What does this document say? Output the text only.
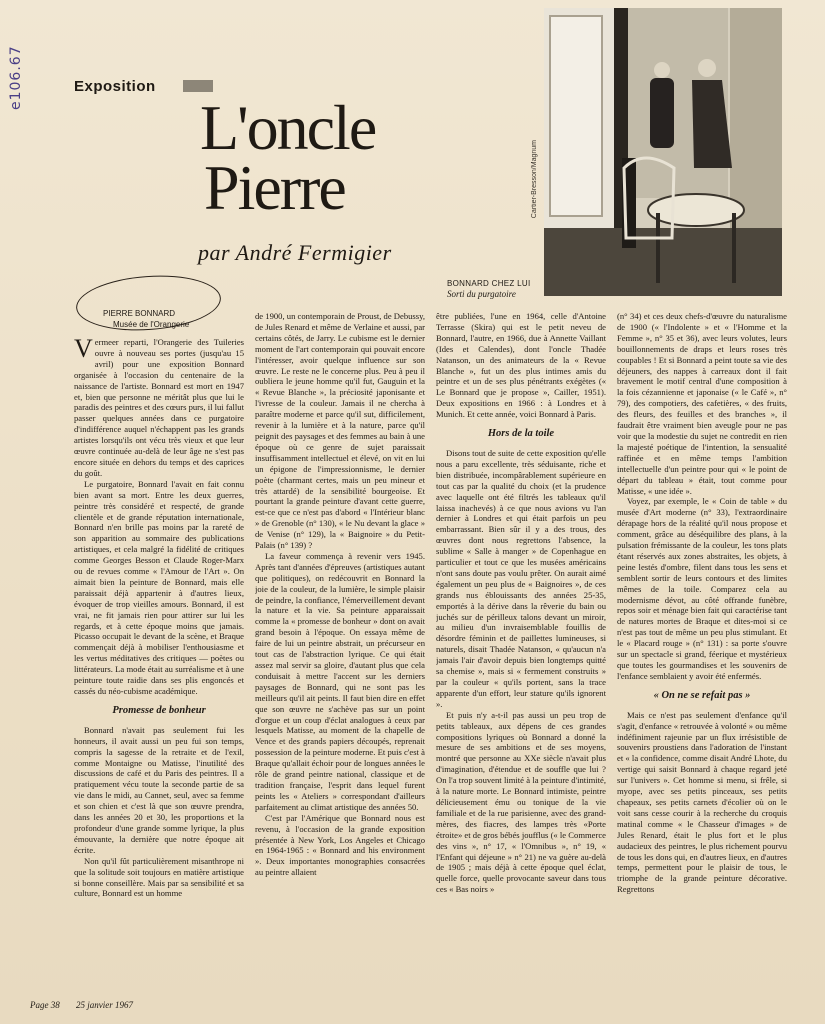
e106.67	Exposition
L'oncle
Pierre
par André Fermigier
Cartier-Bresson/Magnum
BONNARD CHEZ LUI
Sorti du purgatoire
PIERRE BONNARD
Musée de l'Orangerie

Vermeer reparti, l'Orangerie des Tuileries ouvre à nouveau ses portes (jusqu'au 15 avril) pour une exposition Bonnard organisée à l'occasion du centenaire de la naissance de l'artiste. Bonnard est mort en 1947 et, bien que personne ne méritât plus que lui le paradis des peintres et des cœurs purs, il lui fallut passer quelques années dans ce purgatoire d'indifférence auquel n'échappent pas les grands artistes lorsqu'ils ont vécu très vieux et que leur œuvre continuée au-delà de leur âge ne s'est pas encore située en dehors du temps et des caprices du goût.

Le purgatoire, Bonnard l'avait en fait connu bien avant sa mort. Entre les deux guerres, peintre très considéré et respecté, de grande clientèle et de grande réputation internationale, Bonnard n'en brille pas moins par la rareté de son apparition au sommaire des publications artistiques, et cela malgré la fidélité de critiques comme Georges Besson et Claude Roger-Marx ou de revues comme « l'Amour de l'Art ». On aimait bien la peinture de Bonnard, mais elle paraissait déjà appartenir à d'autres lieux, évoquer de trop vieilles amours. Bonnard, il est vrai, ne fit jamais rien pour attirer sur lui les regards, et à cette époque moins que jamais. Picasso occupait le devant de la scène, et Braque commençait déjà à mobiliser l'enthousiasme et les vertus méditatives des critiques — poètes ou littérateurs. La mode était au surréalisme et à une peinture toute raidie dans ses plis engoncés et cassés du néo-cubisme académique.

Promesse de bonheur

Bonnard n'avait pas seulement fui les honneurs, il avait aussi un peu fui son temps, compris la sagesse de la retraite et de l'exil, comme Montaigne ou Matisse, l'inutilité des discussions de café et du Paris des peintres. Il a pratiquement vécu toute la seconde partie de sa vie dans le midi, au Cannet, seul, avec sa femme et son chien et c'est là que son œuvre prendra, dans les années 20 et 30, les proportions et la profondeur d'une grande somme lyrique, la plus émouvante, la dernière que notre époque ait écrite.

Non qu'il fût particulièrement misanthrope ni que la solitude soit toujours en matière artistique si bonne conseillère. Mais par sa sensibilité et sa culture, Bonnard est un homme

de 1900, un contemporain de Proust, de Debussy, de Jules Renard et même de Verlaine et aussi, par certains côtés, de Jarry. Le cubisme est le dernier moment de l'art contemporain qui pouvait encore l'intéresser, avoir quelque influence sur son œuvre. Le reste ne le concerne plus. Peu à peu il oubliera le jeune homme qu'il fut, Gauguin et la « Revue Blanche », la préciosité japonisante et l'ivresse de la couleur. Jamais il ne chercha à paraître moderne et parce qu'il sut, difficilement, revenir à la lumière et à la nature, parce qu'il peignit des paysages et des femmes au bain à une époque où ce genre de sujet paraissait insuffisamment intellectuel et élevé, on vit en lui un épigone de l'impressionnisme, le dernier poète (charmant certes, mais un peu mineur et très attardé) de la sensibilité bourgeoise. Et pourtant la grande peinture d'avant cette guerre, est-ce que ce n'est pas d'abord « l'Intérieur blanc » de Grenoble (n° 130), « le Nu devant la glace » de Venise (n° 129), la « Baignoire » du Petit-Palais (n° 139) ?

La faveur commença à revenir vers 1945. Après tant d'années d'épreuves (artistiques autant que politiques), on redécouvrit en Bonnard la joie de la couleur, de la lumière, le simple plaisir de peindre, la confiance, l'émerveillement devant la nature et la vie. Sa peinture apparaissait comme la « promesse de bonheur » dont on avait grand besoin à l'époque. On essaya même de faire de lui un peintre abstrait, un précurseur en tout cas de l'abstraction lyrique. Ce qui était assez mal servir sa gloire, d'autant plus que cela conduisait à mettre l'accent sur les derniers paysages de Bonnard, qui ne sont pas les meilleurs qu'il ait peints. Il faut bien dire en effet que son œuvre ne s'achève pas sur un point d'orgue et un coup d'éclat analogues à ceux par lesquels Matisse, au moment de la chapelle de Vence et des grands papiers découpés, reprenait possession de la peinture moderne. Et puis c'est à Braque qu'allait échoir pour de longues années le rôle de grand peintre national, classique et de tradition française, l'esprit dans lequel furent peints les « Ateliers » correspondant d'ailleurs parfaitement au climat artistique des années 50.

C'est par l'Amérique que Bonnard nous est revenu, à l'occasion de la grande exposition présentée à New York, Los Angeles et Chicago en 1964-1965 : « Bonnard and his environment ». Deux importantes monographies consacrées au peintre allaient

être publiées, l'une en 1964, celle d'Antoine Terrasse (Skira) qui est le petit neveu de Bonnard, l'autre, en 1966, due à Annette Vaillant (Ides et Calendes), dont l'oncle Thadée Natanson, un des animateurs de la « Revue Blanche », fut un des plus intimes amis du peintre et un de ses plus pénétrants exégètes (« Le Bonnard que je propose », Cailler, 1951). Deux expositions en 1966 : à Londres et à Munich. Et cette année, voici Bonnard à Paris.

Hors de la toile

Disons tout de suite de cette exposition qu'elle nous a paru excellente, très séduisante, riche et bien distribuée, incompârablement supérieure en tout cas par la qualité du choix (et la prudence avec laquelle ont été filtrés les tableaux qu'il laissa inachevés) à ce que nous avions vu l'an dernier à Londres et qui était parfois un peu embarrassant. Bien sûr il y a des trous, des œuvres dont nous regrettons l'absence, la sublime « Salle à manger » de Copenhague en particulier et tout ce que les musées américains n'ont sans doute pas voulu prêter. On aurait aimé également un peu plus de « Baignoires », de ces grands nus éblouissants des années 25-35, emportés à la dérive dans la rêverie du bain ou juchés sur de périlleux talons devant un miroir, au milieu d'un invraisemblable fouillis de désordre féminin et de paillettes lumineuses, si naturels, disait Thadée Natanson, « qu'aucun n'a jamais l'air d'avoir depuis bien longtemps quitté sa chemise », mais si « fermement construits » par la couleur « qu'ils portent, sans la trace apparente d'un effort, leur stature qu'ils ignorent ».

Et puis n'y a-t-il pas aussi un peu trop de petits tableaux, aux dépens de ces grandes compositions lyriques où Bonnard a donné la mesure de ses ambitions et de ses moyens, montré que personne au XXe siècle n'avait plus d'imagination, d'étendue et de souffle que lui ? On l'a trop souvent limité à la peinture d'intimité, à la nature morte. Le Bonnard intimiste, peintre délicieusement ému ou tonique de la vie familiale et de la rue parisienne, avec des grand-mères, des fiacres, des lampes très «Porte étroite» et de gros bébés joufflus (« le Commerce des vins », n° 17, « l'Omnibus », n° 19, « l'Enfant qui déjeune » n° 21) ne va guère au-delà de 1905 ; mais déjà à cette époque quel éclat, quelle force, quelle provocante saveur dans tous ces « Bas noirs »

(n° 34) et ces deux chefs-d'œuvre du naturalisme de 1900 (« l'Indolente » et « l'Homme et la Femme », n° 35 et 36), avec leurs volutes, leurs bouillonnements de draps et leurs roses très coupables ! Et si Bonnard a peint toute sa vie des déjeuners, des nappes à carreaux dont il fait bravement le motif central d'une composition à la fois cézannienne et japonaise (« le Café », n° 79), des compotiers, des cafetières, « des fruits, des fleurs, des feuilles et des branches », il faudrait être vraiment bien aveugle pour ne pas voir que la modestie du sujet ne contredit en rien la majesté poétique de l'intention, la sensualité raffinée et en même temps l'ambition intellectuelle d'un peintre pour qui « le point de départ du tableau » était, tout comme pour Matisse, « une idée ».

Voyez, par exemple, le « Coin de table » du musée d'Art moderne (n° 33), l'extraordinaire dérapage hors de la réalité qu'il nous propose et comment, grâce au déséquilibre des plans, à la pulsation frémissante de la couleur, les tons plats étant réservés aux zones abstraites, les objets, à peine lestés d'ombre, filent dans tous les sens et semblent sortir de leurs contours et des limites mêmes de la toile. Comparez cela au modernisme dévot, au côté offrande funèbre, repos soir et ménage bien fait qui caractérise tant de natures mortes de Braque et dites-moi si ce n'est pas tout de même un peu plus stimulant. Et le « Placard rouge » (n° 131) : sa porte s'ouvre sur un spectacle si grand, féerique et mystérieux que toutes les gourmandises et les souvenirs de l'enfance semblaient y avoir été enfermés.

« On ne se refait pas »

Mais ce n'est pas seulement d'enfance qu'il s'agit, d'enfance « retrouvée à volonté » ou même indéfiniment rajeunie par un flux irrésistible de souvenirs proustiens dans l'adoration de l'instant et « la confidence, comme disait André Lhote, du vertige qui saisit Bonnard à chaque regard jeté sur l'univers ». Cet homme si menu, si frêle, si myope, avec ses petits pinceaux, ses petits chapeaux, ses petits carnets d'écolier où on le voit sans cesse courir à la recherche du croquis matinal comme « le Chasseur d'images » de Jules Renard, était le plus fort et le plus audacieux des peintres, le plus richement pourvu de tous les dons qui, en d'autres lieux, en d'autres temps, permettent pour le plaisir de tous, le triomphe de la grande peinture décorative. Regrettons

Page 38 25 janvier 1967
